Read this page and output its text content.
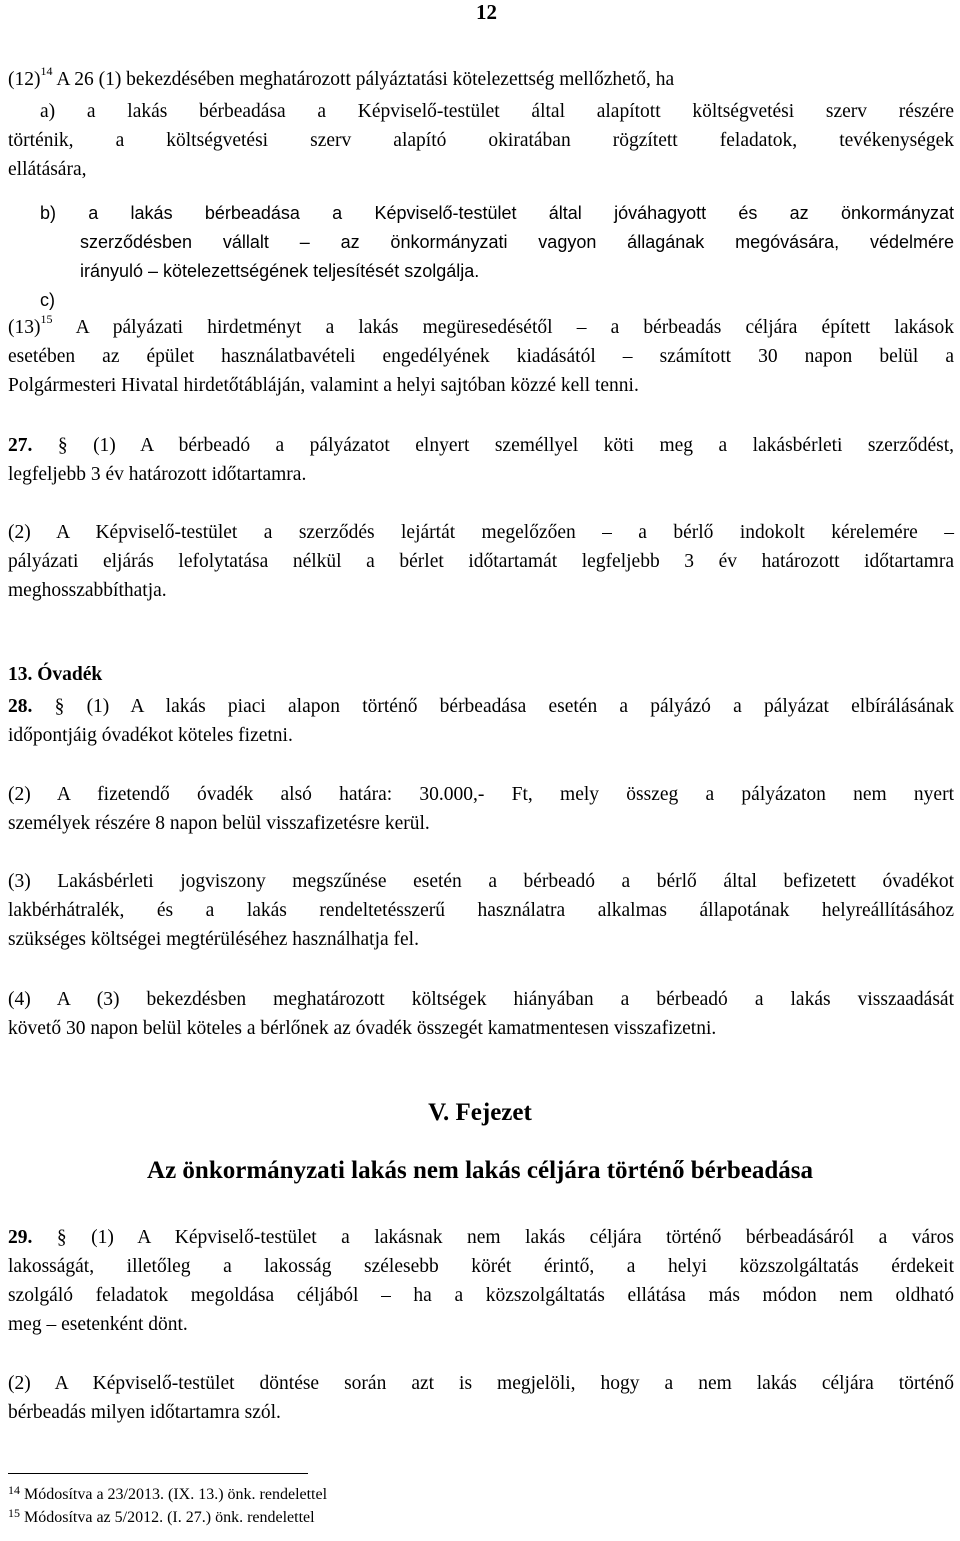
12
$(12)^{14}$ A 26 (1) bekezdésében meghatározott pályáztatási kötelezettség mellőzhető, ha
a) a lakás bérbeadása a Képviselő-testület által alapított költségvetési szerv részére
történik, a költségvetési szerv alapító okiratában rögzített feladatok, tevékenységek
ellátására,
b) a lakás bérbeadása a Képviselő-testület által jóváhagyott és az önkormányzat
szerződésben vállalt – az önkormányzati vagyon állagának megóvására, védelmére
irányuló – kötelezettségének teljesítését szolgálja.
c)
$(13)^{15}$ A pályázati hirdetményt a lakás megüresedésétől – a bérbeadás céljára épített lakások
esetében az épület használatbavételi engedélyének kiadásától – számított 30 napon belül a
Polgármesteri Hivatal hirdetőtábláján, valamint a helyi sajtóban közzé kell tenni.
27. § (1) A bérbeadó a pályázatot elnyert személlyel köti meg a lakásbérleti szerződést,
legfeljebb 3 év határozott időtartamra.
(2) A Képviselő-testület a szerződés lejártát megelőzően – a bérlő indokolt kérelemére –
pályázati eljárás lefolytatása nélkül a bérlet időtartamát legfeljebb 3 év határozott időtartamra
meghosszabbíthatja.
13. Óvadék
28. § (1) A lakás piaci alapon történő bérbeadása esetén a pályázó a pályázat elbírálásának
időpontjáig óvadékot köteles fizetni.
(2) A fizetendő óvadék alsó határa: 30.000,- Ft, mely összeg a pályázaton nem nyert
személyek részére 8 napon belül visszafizetésre kerül.
(3) Lakásbérleti jogviszony megszűnése esetén a bérbeadó a bérlő által befizetett óvadékot
lakbérhátralék, és a lakás rendeltetésszerű használatra alkalmas állapotának helyreállításához
szükséges költségei megtérüléséhez használhatja fel.
(4) A (3) bekezdésben meghatározott költségek hiányában a bérbeadó a lakás visszaadását
követő 30 napon belül köteles a bérlőnek az óvadék összegét kamatmentesen visszafizetni.
V. Fejezet
Az önkormányzati lakás nem lakás céljára történő bérbeadása
29. § (1) A Képviselő-testület a lakásnak nem lakás céljára történő bérbeadásáról a város
lakosságát, illetőleg a lakosság szélesebb körét érintő, a helyi közszolgáltatás érdekeit
szolgáló feladatok megoldása céljából – ha a közszolgáltatás ellátása más módon nem oldható
meg – esetenként dönt.
(2) A Képviselő-testület döntése során azt is megjelöli, hogy a nem lakás céljára történő
bérbeadás milyen időtartamra szól.
$^{14}$ Módosítva a 23/2013. (IX. 13.) önk. rendelettel
$^{15}$ Módosítva az 5/2012. (I. 27.) önk. rendelettel
